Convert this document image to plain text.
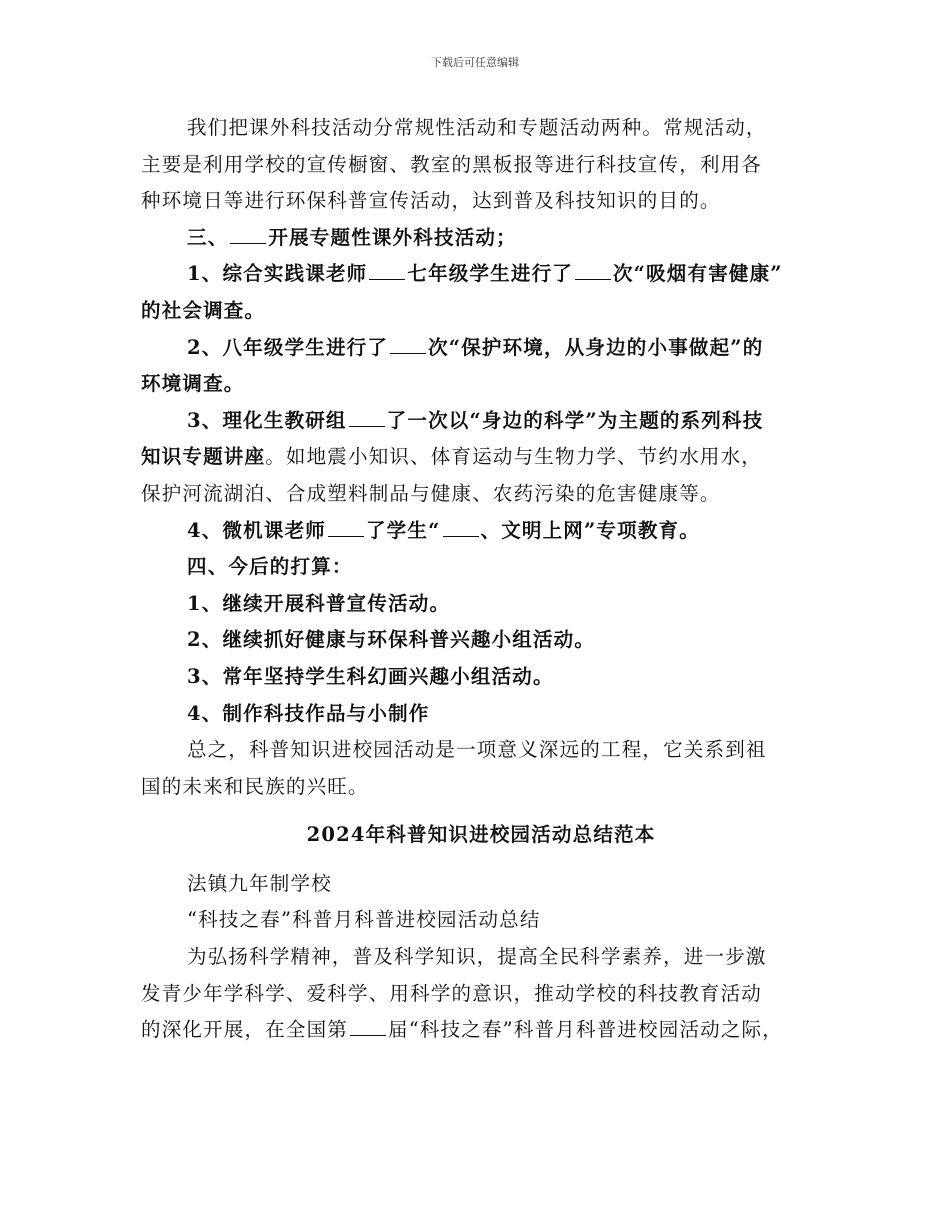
下载后可任意编辑
我们把课外科技活动分常规性活动和专题活动两种。常规活动，
主要是利用学校的宣传橱窗、教室的黑板报等进行科技宣传，利用各
种环境日等进行环保科普宣传活动，达到普及科技知识的目的。
三、 开展专题性课外科技活动；
1、综合实践课老师 七年级学生进行了 次“吸烟有害健康”
的社会调查。
2、八年级学生进行了 次“保护环境，从身边的小事做起”的
环境调查。
3、理化生教研组 了一次以“身边的科学”为主题的系列科技
知识专题讲座。如地震小知识、体育运动与生物力学、节约水用水，
保护河流湖泊、合成塑料制品与健康、农药污染的危害健康等。
4、微机课老师 了学生“ 、文明上网”专项教育。
四、今后的打算：
1、继续开展科普宣传活动。
2、继续抓好健康与环保科普兴趣小组活动。
3、常年坚持学生科幻画兴趣小组活动。
4、制作科技作品与小制作
总之，科普知识进校园活动是一项意义深远的工程，它关系到祖
国的未来和民族的兴旺。
2024年科普知识进校园活动总结范本
法镇九年制学校
“科技之春”科普月科普进校园活动总结
为弘扬科学精神，普及科学知识，提高全民科学素养，进一步激
发青少年学科学、爱科学、用科学的意识，推动学校的科技教育活动
的深化开展，在全国第 届“科技之春”科普月科普进校园活动之际，
